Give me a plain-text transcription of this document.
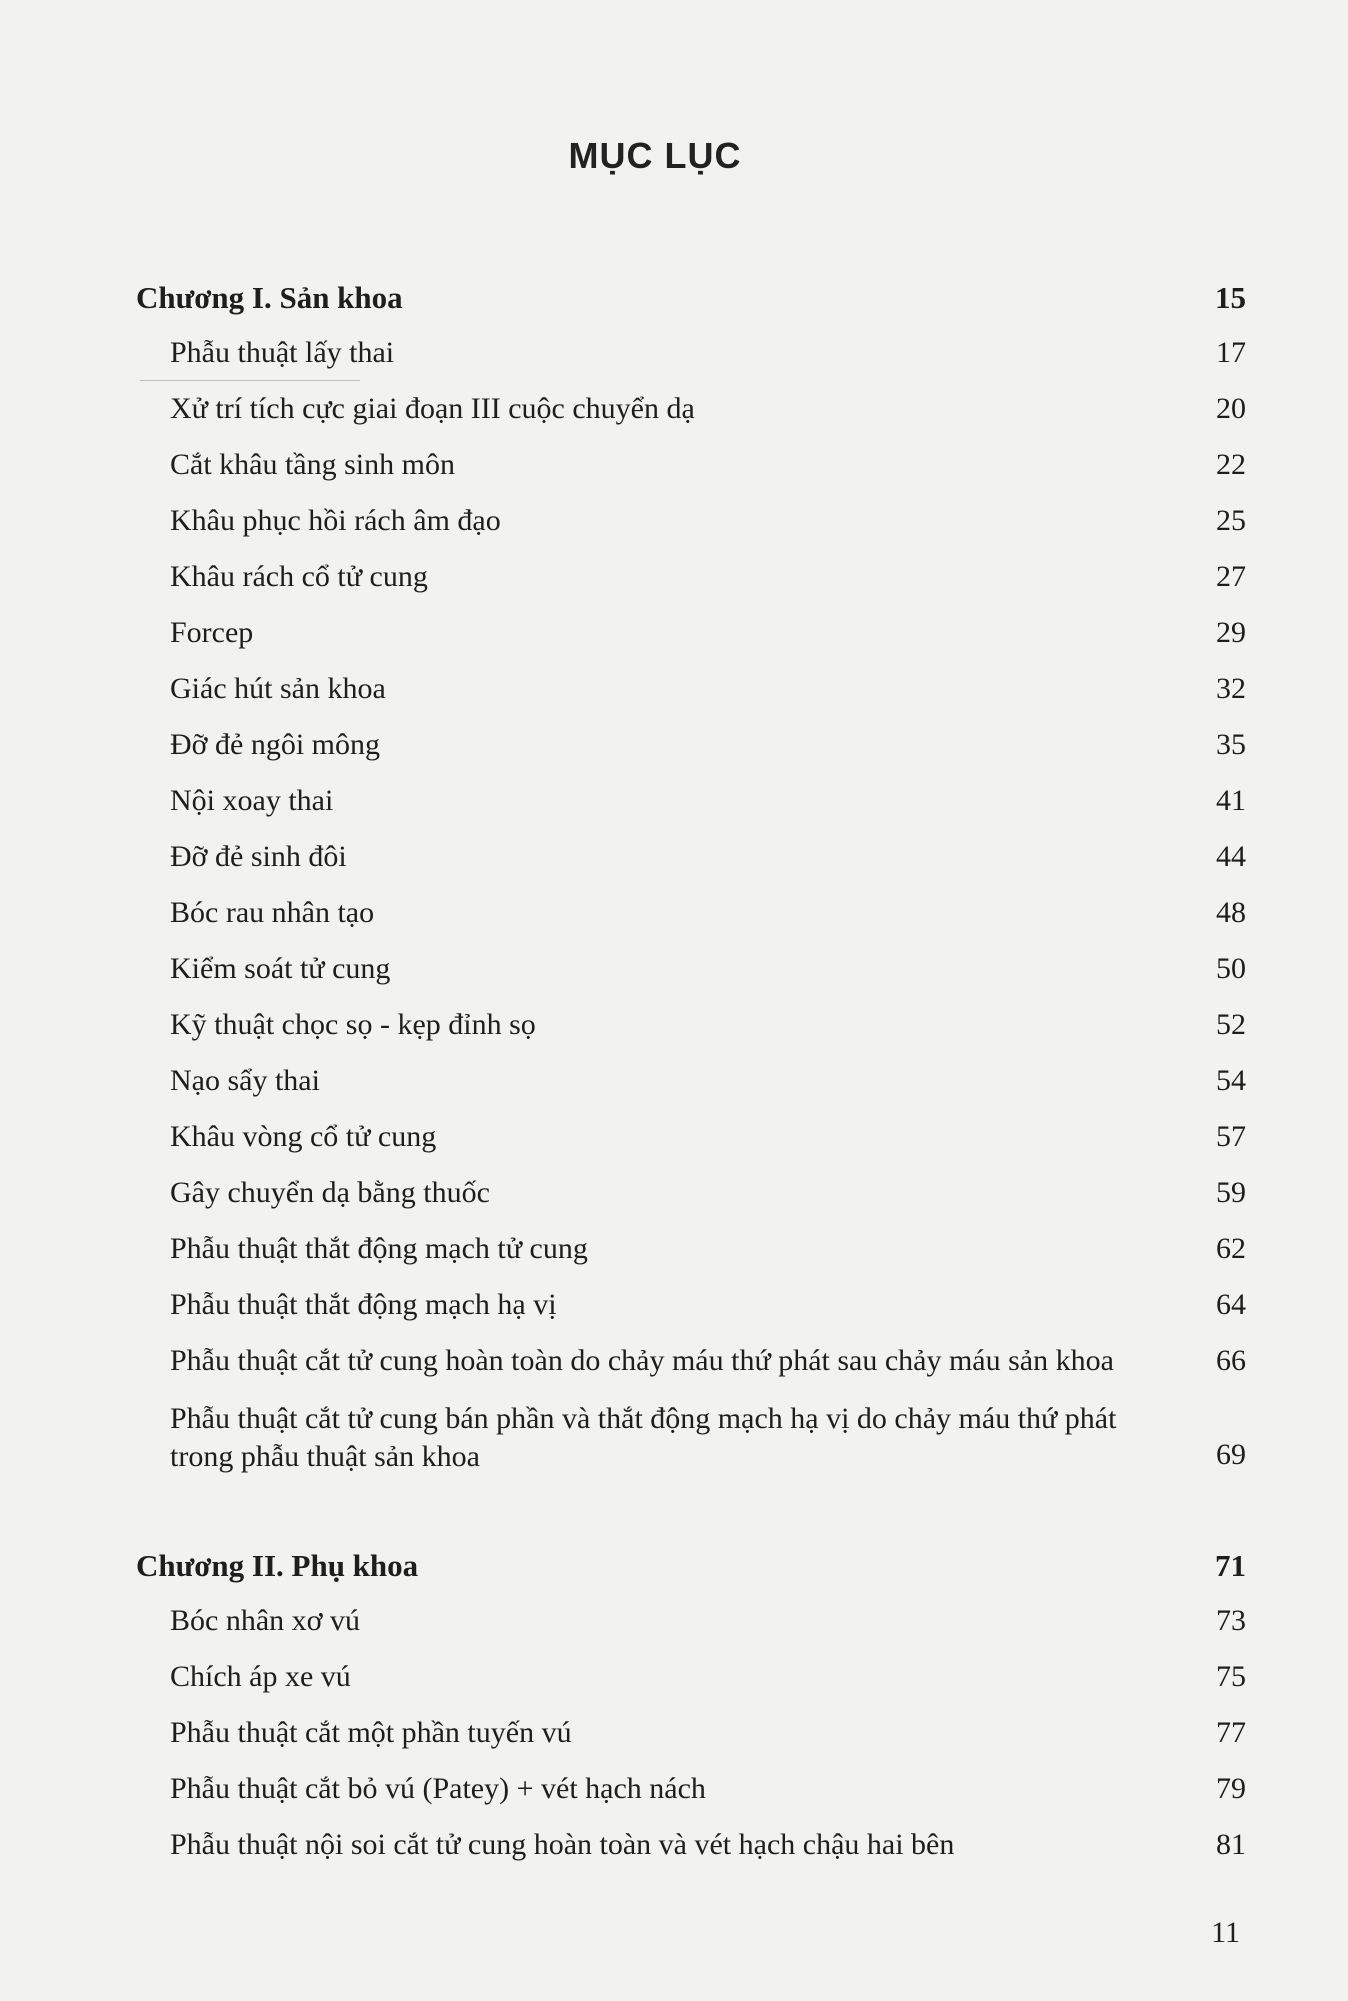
MỤC LỤC
Chương I. Sản khoa	15
Phẫu thuật lấy thai	17
Xử trí tích cực giai đoạn III cuộc chuyển dạ	20
Cắt khâu tầng sinh môn	22
Khâu phục hồi rách âm đạo	25
Khâu rách cổ tử cung	27
Forcep	29
Giác hút sản khoa	32
Đỡ đẻ ngôi mông	35
Nội xoay thai	41
Đỡ đẻ sinh đôi	44
Bóc rau nhân tạo	48
Kiểm soát tử cung	50
Kỹ thuật chọc sọ - kẹp đỉnh sọ	52
Nạo sẩy thai	54
Khâu vòng cổ tử cung	57
Gây chuyển dạ bằng thuốc	59
Phẫu thuật thắt động mạch tử cung	62
Phẫu thuật thắt động mạch hạ vị	64
Phẫu thuật cắt tử cung hoàn toàn do chảy máu thứ phát sau chảy máu sản khoa	66
Phẫu thuật cắt tử cung bán phần và thắt động mạch hạ vị do chảy máu thứ phát trong phẫu thuật sản khoa	69
Chương II. Phụ khoa	71
Bóc nhân xơ vú	73
Chích áp xe vú	75
Phẫu thuật cắt một phần tuyến vú	77
Phẫu thuật cắt bỏ vú (Patey) + vét hạch nách	79
Phẫu thuật nội soi cắt tử cung hoàn toàn và vét hạch chậu hai bên	81
11
